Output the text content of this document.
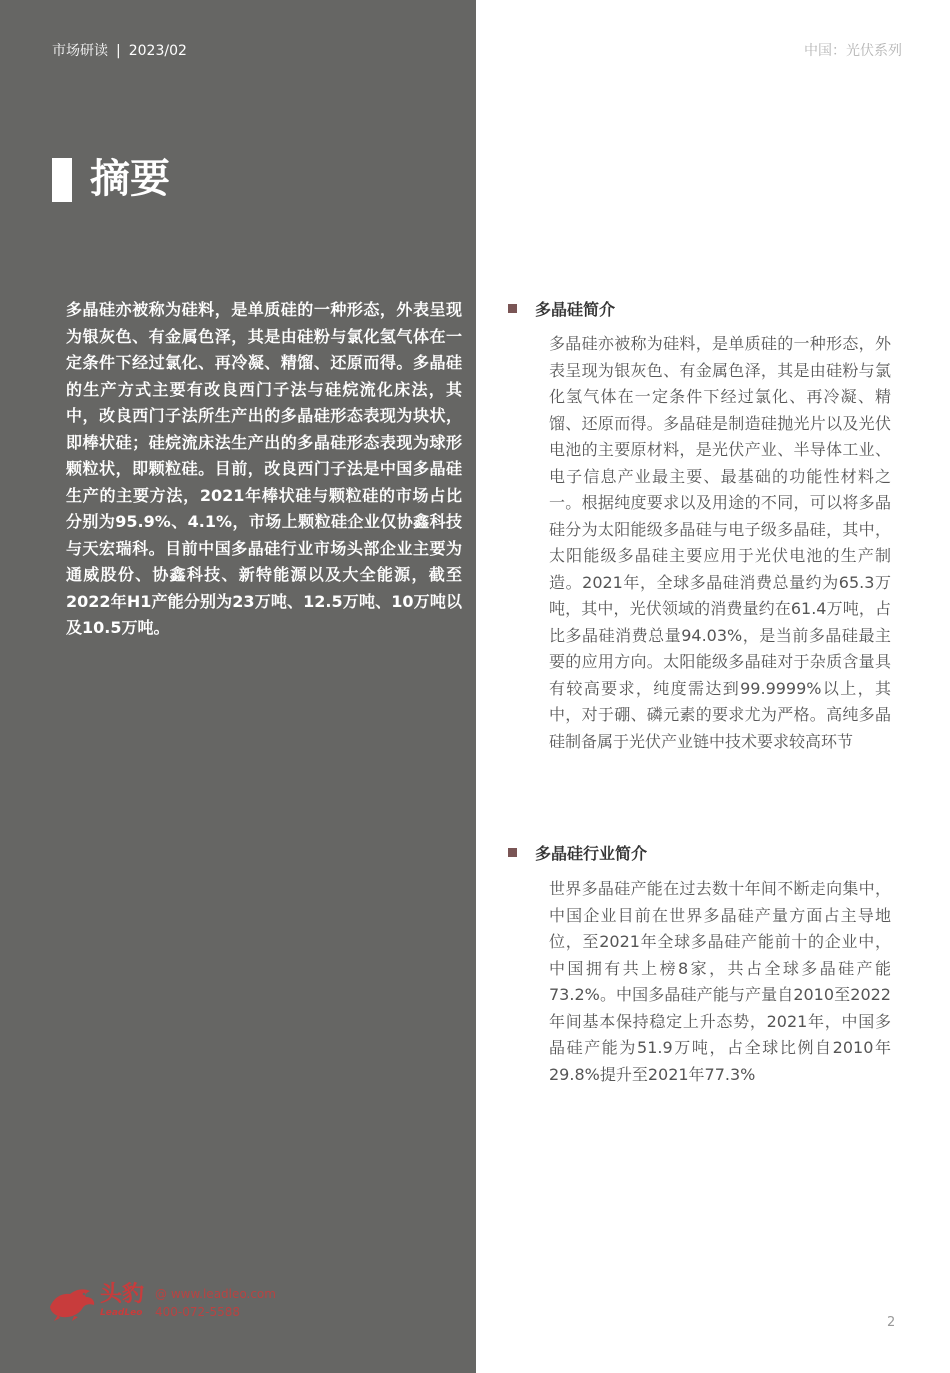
市场研读 | 2023/02	中国：光伏系列
摘要
多晶硅亦被称为硅料，是单质硅的一种形态，外表呈现为银灰色、有金属色泽，其是由硅粉与氯化氢气体在一定条件下经过氯化、再冷凝、精馏、还原而得。多晶硅的生产方式主要有改良西门子法与硅烷流化床法，其中，改良西门子法所生产出的多晶硅形态表现为块状，即棒状硅；硅烷流床法生产出的多晶硅形态表现为球形颗粒状，即颗粒硅。目前，改良西门子法是中国多晶硅生产的主要方法，2021年棒状硅与颗粒硅的市场占比分别为95.9%、4.1%，市场上颗粒硅企业仅协鑫科技与天宏瑞科。目前中国多晶硅行业市场头部企业主要为通威股份、协鑫科技、新特能源以及大全能源，截至2022年H1产能分别为23万吨、12.5万吨、10万吨以及10.5万吨。
多晶硅简介
多晶硅亦被称为硅料，是单质硅的一种形态，外表呈现为银灰色、有金属色泽，其是由硅粉与氯化氢气体在一定条件下经过氯化、再冷凝、精馏、还原而得。多晶硅是制造硅抛光片以及光伏电池的主要原材料，是光伏产业、半导体工业、电子信息产业最主要、最基础的功能性材料之一。根据纯度要求以及用途的不同，可以将多晶硅分为太阳能级多晶硅与电子级多晶硅，其中，太阳能级多晶硅主要应用于光伏电池的生产制造。2021年，全球多晶硅消费总量约为65.3万吨，其中，光伏领域的消费量约在61.4万吨，占比多晶硅消费总量94.03%，是当前多晶硅最主要的应用方向。太阳能级多晶硅对于杂质含量具有较高要求，纯度需达到99.9999%以上，其中，对于硼、磷元素的要求尤为严格。高纯多晶硅制备属于光伏产业链中技术要求较高环节
多晶硅行业简介
世界多晶硅产能在过去数十年间不断走向集中，中国企业目前在世界多晶硅产量方面占主导地位，至2021年全球多晶硅产能前十的企业中，中国拥有共上榜8家，共占全球多晶硅产能73.2%。中国多晶硅产能与产量自2010至2022年间基本保持稳定上升态势，2021年，中国多晶硅产能为51.9万吨，占全球比例自2010年29.8%提升至2021年77.3%
头豹
LeadLeo
@ www.leadleo.com
400-072-5588
2
